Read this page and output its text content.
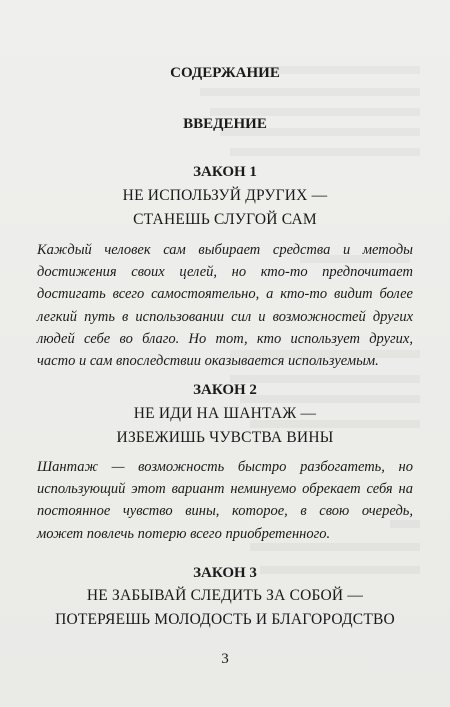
СОДЕРЖАНИЕ
ВВЕДЕНИЕ
ЗАКОН 1
НЕ ИСПОЛЬЗУЙ ДРУГИХ —
СТАНЕШЬ СЛУГОЙ САМ
Каждый человек сам выбирает средства и методы
достижения своих целей, но кто-то предпочитает
достигать всего самостоятельно, а кто-то видит более
легкий путь в использовании сил и возможностей других
людей себе во благо. Но тот, кто использует других,
часто и сам впоследствии оказывается используемым.
ЗАКОН 2
НЕ ИДИ НА ШАНТАЖ —
ИЗБЕЖИШЬ ЧУВСТВА ВИНЫ
Шантаж — возможность быстро разбогатеть, но
использующий этот вариант неминуемо обрекает себя на
постоянное чувство вины, которое, в свою очередь,
может повлечь потерю всего приобретенного.
ЗАКОН 3
НЕ ЗАБЫВАЙ СЛЕДИТЬ ЗА СОБОЙ —
ПОТЕРЯЕШЬ МОЛОДОСТЬ И БЛАГОРОДСТВО
3
